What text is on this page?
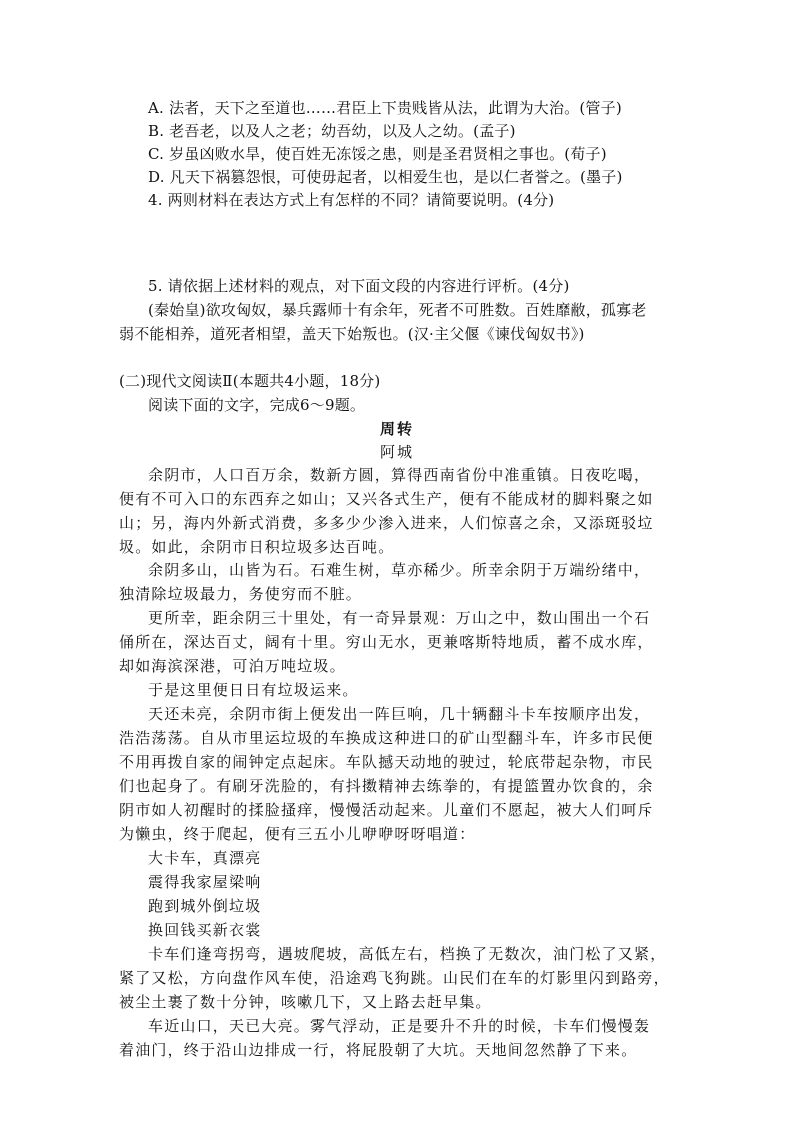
A. 法者，天下之至道也……君臣上下贵贱皆从法，此谓为大治。(管子)
B. 老吾老，以及人之老；幼吾幼，以及人之幼。(孟子)
C. 岁虽凶败水旱，使百姓无冻馁之患，则是圣君贤相之事也。(荀子)
D. 凡天下祸篡怨恨，可使毋起者，以相爱生也，是以仁者誉之。(墨子)
4. 两则材料在表达方式上有怎样的不同？请简要说明。(4分)
5. 请依据上述材料的观点，对下面文段的内容进行评析。(4分)
(秦始皇)欲攻匈奴，暴兵露师十有余年，死者不可胜数。百姓靡敝，孤寡老
弱不能相养，道死者相望，盖天下始叛也。(汉·主父偃《谏伐匈奴书》)
(二)现代文阅读Ⅱ(本题共4小题，18分)
阅读下面的文字，完成6～9题。
周转
阿城
余阴市，人口百万余，数新方圆，算得西南省份中准重镇。日夜吃喝，
便有不可入口的东西弃之如山；又兴各式生产，便有不能成材的脚料聚之如
山；另，海内外新式消费，多多少少渗入进来，人们惊喜之余，又添斑驳垃
圾。如此，余阴市日积垃圾多达百吨。
余阴多山，山皆为石。石难生树，草亦稀少。所幸余阴于万端纷绪中，
独清除垃圾最力，务使穷而不脏。
更所幸，距余阴三十里处，有一奇异景观：万山之中，数山围出一个石
俑所在，深达百丈，阔有十里。穷山无水，更兼喀斯特地质，蓄不成水库，
却如海滨深港，可泊万吨垃圾。
于是这里便日日有垃圾运来。
天还未亮，余阴市街上便发出一阵巨响，几十辆翻斗卡车按顺序出发，
浩浩荡荡。自从市里运垃圾的车换成这种进口的矿山型翻斗车，许多市民便
不用再拨自家的闹钟定点起床。车队撼天动地的驶过，轮底带起杂物，市民
们也起身了。有刷牙洗脸的，有抖擞精神去练拳的，有提篮置办饮食的，余
阴市如人初醒时的揉脸搔痒，慢慢活动起来。儿童们不愿起，被大人们呵斥
为懒虫，终于爬起，便有三五小儿咿咿呀呀唱道：
大卡车，真漂亮
震得我家屋梁响
跑到城外倒垃圾
换回钱买新衣裳
卡车们逢弯拐弯，遇坡爬坡，高低左右，档换了无数次，油门松了又紧，
紧了又松，方向盘作风车使，沿途鸡飞狗跳。山民们在车的灯影里闪到路旁，
被尘土裹了数十分钟，咳嗽几下，又上路去赶早集。
车近山口，天已大亮。雾气浮动，正是要升不升的时候，卡车们慢慢轰
着油门，终于沿山边排成一行，将屁股朝了大坑。天地间忽然静了下来。
